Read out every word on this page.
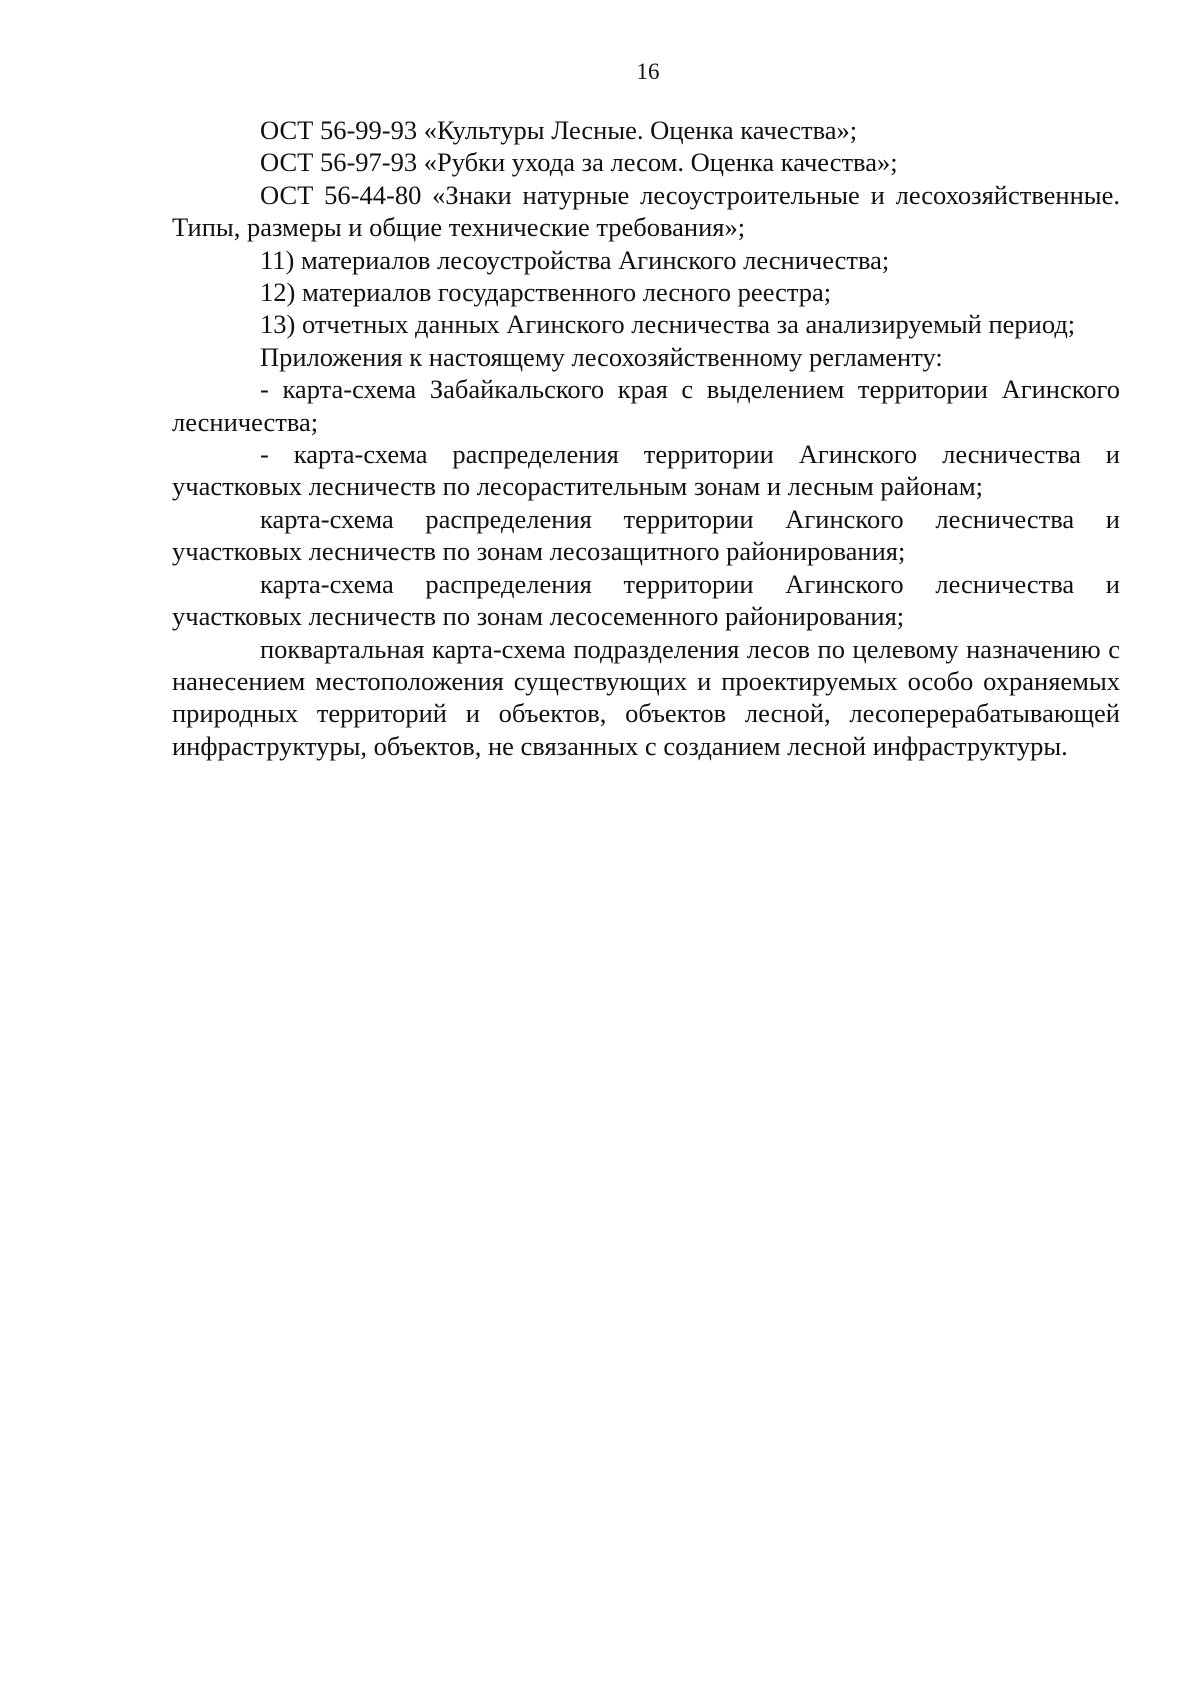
16

ОСТ 56-99-93 «Культуры Лесные. Оценка качества»;

ОСТ 56-97-93 «Рубки ухода за лесом. Оценка качества»;

ОСТ 56-44-80 «Знаки натурные лесоустроительные и лесохозяйственные. Типы, размеры и общие технические требования»;

11) материалов лесоустройства Агинского лесничества;

12) материалов государственного лесного реестра;

13) отчетных данных Агинского лесничества за анализируемый период;

Приложения к настоящему лесохозяйственному регламенту:

- карта-схема Забайкальского края с выделением территории Агинского лесничества;

- карта-схема распределения территории Агинского лесничества и участковых лесничеств по лесорастительным зонам и лесным районам;

карта-схема распределения территории Агинского лесничества и участковых лесничеств по зонам лесозащитного районирования;

карта-схема распределения территории Агинского лесничества и участковых лесничеств по зонам лесосеменного районирования;

поквартальная карта-схема подразделения лесов по целевому назначению с нанесением местоположения существующих и проектируемых особо охраняемых природных территорий и объектов, объектов лесной, лесоперерабатывающей инфраструктуры, объектов, не связанных с созданием лесной инфраструктуры.
